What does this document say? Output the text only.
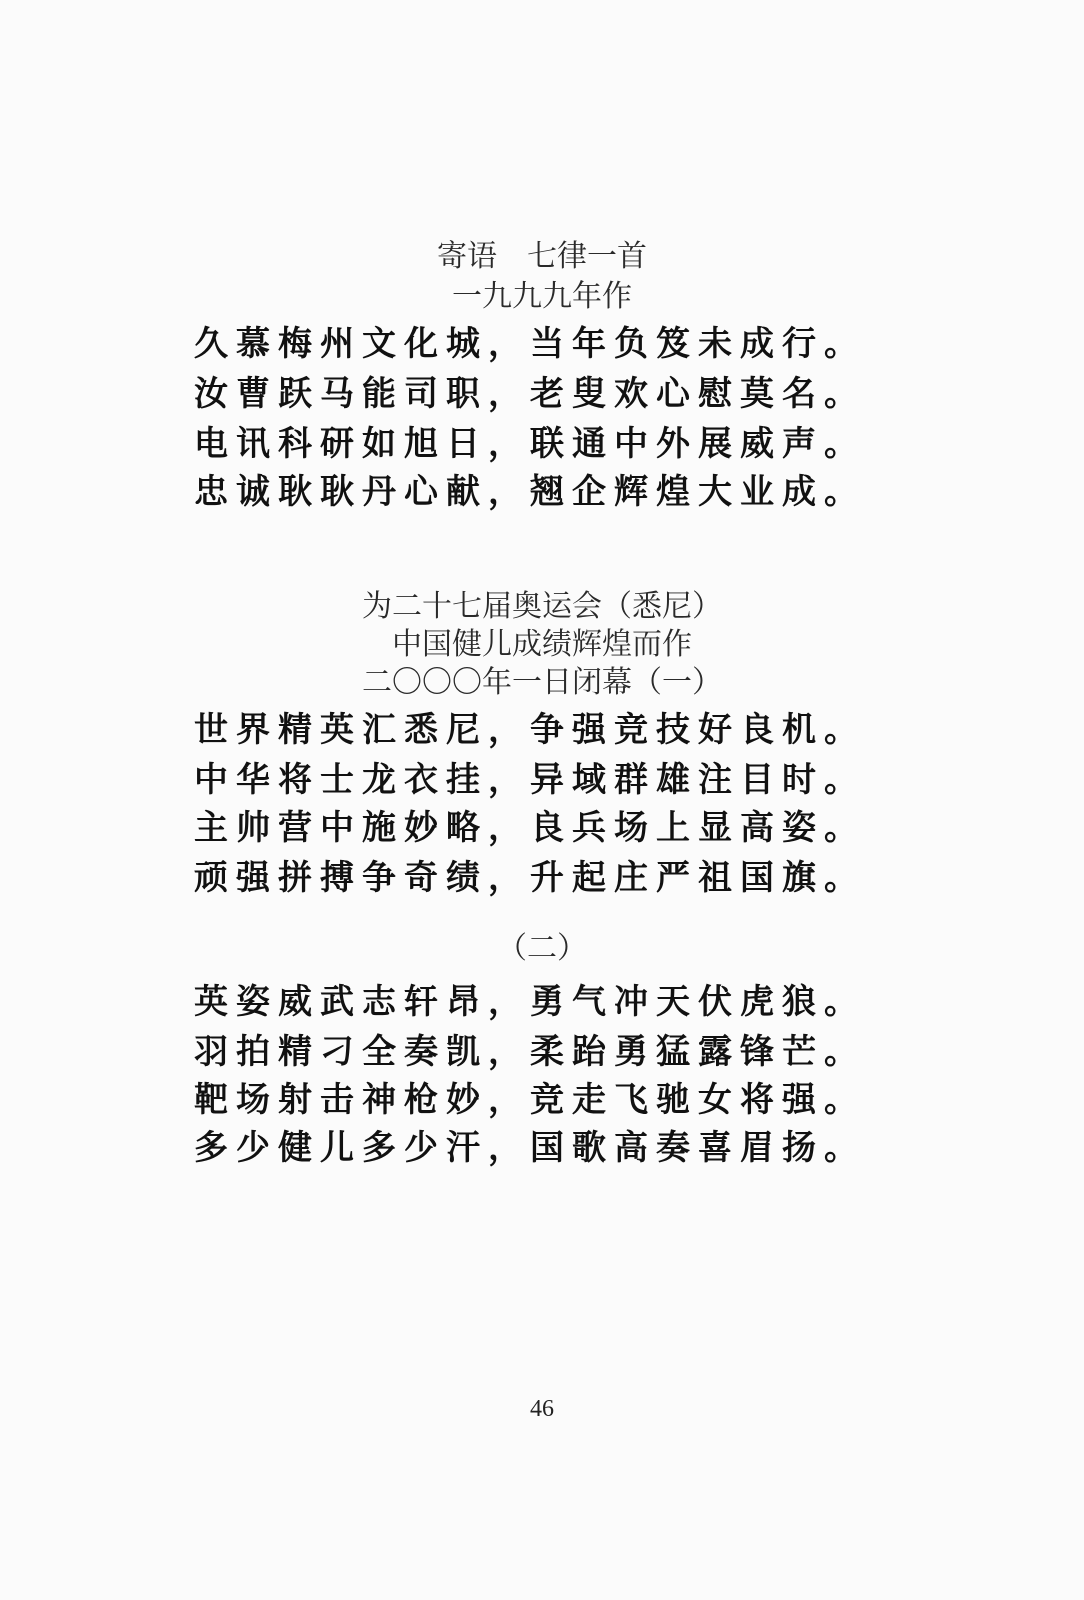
寄语　七律一首
一九九九年作
久慕梅州文化城，当年负笈未成行。
汝曹跃马能司职，老叟欢心慰莫名。
电讯科研如旭日，联通中外展威声。
忠诚耿耿丹心献，翘企辉煌大业成。
为二十七届奥运会（悉尼）
中国健儿成绩辉煌而作
二〇〇〇年一日闭幕（一）
世界精英汇悉尼，争强竞技好良机。
中华将士龙衣挂，异域群雄注目时。
主帅营中施妙略，良兵场上显高姿。
顽强拼搏争奇绩，升起庄严祖国旗。
（二）
英姿威武志轩昂，勇气冲天伏虎狼。
羽拍精刁全奏凯，柔跆勇猛露锋芒。
靶场射击神枪妙，竞走飞驰女将强。
多少健儿多少汗，国歌高奏喜眉扬。
46
